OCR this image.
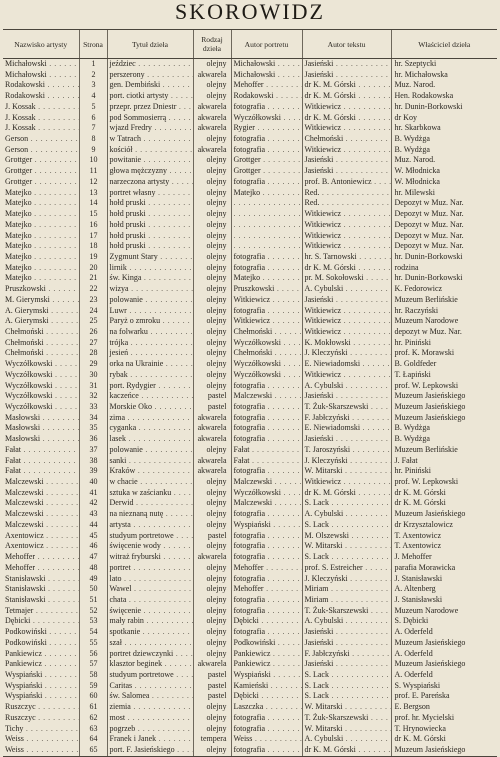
SKOROWIDZ
Nazwisko artysty	Strona	Tytuł dzieła	Rodzaj dzieła	Autor portretu	Autor tekstu	Właściciel dzieła
Michałowski . . .	1	jeździec . . .	olejny	Michałowski . . .	Jasieński . . .	hr. Szeptycki
Michałowski . . .	2	perszerony . . .	akwarela	Michałowski . . .	Jasieński . . .	hr. Michałowska
Rodakowski . . .	3	gen. Dembiński . . .	olejny	Mehoffer . . .	dr K. M. Górski . . .	Muz. Narod.
Rodakowski . . .	4	port. ciotki artysty . . .	olejny	Rodakowski . . .	dr K. M. Górski . . .	Hen. Rodakowska
J. Kossak . . .	5	przepr. przez Dniestr . . .	akwarela	fotografia . . .	Witkiewicz . . .	hr. Dunin-Borkowski
J. Kossak . . .	6	pod Sommosierrą . . .	akwarela	Wyczółkowski . . .	dr K. M. Górski . . .	dr Koy
J. Kossak . . .	7	wjazd Fredry . . .	akwarela	Rygier . . .	Witkiewicz . . .	hr. Skarbkowa
Gerson . . .	8	w Tatrach . . .	olejny	fotografia . . .	Chełmoński . . .	B. Wydżga
Gerson . . .	9	kościół . . .	akwarela	fotografia . . .	Witkiewicz . . .	B. Wydżga
Grottger . . .	10	powitanie . . .	olejny	Grottger . . .	Jasieński . . .	Muz. Narod.
Grottger . . .	11	głowa mężczyzny . . .	olejny	Grottger . . .	Jasieński . . .	W. Młodnicka
Grottger . . .	12	narzeczona artysty . . .	olejny	fotografia . . .	prof. B. Antoniewicz . . .	W. Młodnicka
Matejko . . .	13	portret własny . . .	olejny	Matejko . . .	Red. . . .	hr. Milewski
Matejko . . .	14	hołd pruski . . .	olejny	. . .	Red. . . .	Depozyt w Muz. Nar.
Matejko . . .	15	hołd pruski . . .	olejny	. . .	Witkiewicz . . .	Depozyt w Muz. Nar.
Matejko . . .	16	hołd pruski . . .	olejny	. . .	Witkiewicz . . .	Depozyt w Muz. Nar.
Matejko . . .	17	hołd pruski . . .	olejny	. . .	Witkiewicz . . .	Depozyt w Muz. Nar.
Matejko . . .	18	hołd pruski . . .	olejny	. . .	Witkiewicz . . .	Depozyt w Muz. Nar.
Matejko . . .	19	Zygmunt Stary . . .	olejny	fotografia . . .	hr. S. Tarnowski . . .	hr. Dunin-Borkowski
Matejko . . .	20	lirnik . . .	olejny	fotografia . . .	dr K. M. Górski . . .	rodzina
Matejko . . .	21	św. Kinga . . .	olejny	Matejko . . .	pr. M. Sokołowski . . .	hr. Dunin-Borkowski
Pruszkowski . . .	22	wizya . . .	olejny	Pruszkowski . . .	A. Cybulski . . .	K. Fedorowicz
M. Gierymski . . .	23	polowanie . . .	olejny	Witkiewicz . . .	Jasieński . . .	Muzeum Berlińskie
A. Gierymski . . .	24	Luwr . . .	olejny	fotografia . . .	Witkiewicz . . .	hr. Raczyński
A. Gierymski . . .	25	Paryż o zmroku . . .	olejny	Witkiewicz . . .	Witkiewicz . . .	Muzeum Narodowe
Chełmoński . . .	26	na folwarku . . .	olejny	Chełmoński . . .	Witkiewicz . . .	depozyt w Muz. Nar.
Chełmoński . . .	27	trójka . . .	olejny	Wyczółkowski . . .	K. Mokłowski . . .	hr. Piniński
Chełmoński . . .	28	jesień . . .	olejny	Chełmoński . . .	J. Kleczyński . . .	prof. K. Morawski
Wyczółkowski . . .	29	orka na Ukrainie . . .	olejny	Wyczółkowski . . .	E. Niewiadomski . . .	B. Goldfeder
Wyczółkowski . . .	30	rybak . . .	olejny	Wyczółkowski . . .	Witkiewicz . . .	T. Łapiński
Wyczółkowski . . .	31	port. Rydygier . . .	olejny	fotografia . . .	A. Cybulski . . .	prof. W. Lepkowski
Wyczółkowski . . .	32	kaczeńce . . .	pastel	Malczewski . . .	Jasieński . . .	Muzeum Jasieńskiego
Wyczółkowski . . .	33	Morskie Oko . . .	pastel	fotografia . . .	T. Żuk-Skarszewski . . .	Muzeum Jasieńskiego
Masłowski . . .	34	zima . . .	akwarela	fotografia . . .	F. Jabłczyński . . .	Muzeum Jasieńskiego
Masłowski . . .	35	cyganka . . .	akwarela	fotografia . . .	E. Niewiadomski . . .	B. Wydżga
Masłowski . . .	36	lasek . . .	akwarela	fotografia . . .	Jasieński . . .	B. Wydżga
Fałat . . .	37	polowanie . . .	olejny	Fałat . . .	T. Jaroszyński . . .	Muzeum Berlińskie
Fałat . . .	38	sanki . . .	akwarela	Fałat . . .	J. Kleczyński . . .	J. Fałat
Fałat . . .	39	Kraków . . .	akwarela	fotografia . . .	W. Mitarski . . .	hr. Piniński
Malczewski . . .	40	w chacie . . .	olejny	Malczewski . . .	Witkiewicz . . .	prof. W. Lepkowski
Malczewski . . .	41	sztuka w zaścianku . . .	olejny	Wyczółkowski . . .	dr K. M. Górski . . .	dr K. M. Górski
Malczewski . . .	42	Derwid . . .	olejny	Malczewski . . .	S. Lack . . .	dr K. M. Górski
Malczewski . . .	43	na nieznaną nutę . . .	olejny	fotografia . . .	A. Cybulski . . .	Muzeum Jasieńskiego
Malczewski . . .	44	artysta . . .	olejny	Wyspiański . . .	S. Lack . . .	dr Krzysztalowicz
Axentowicz . . .	45	studyum portretowe . . .	pastel	fotografia . . .	M. Olszewski . . .	T. Axentowicz
Axentowicz . . .	46	święcenie wody . . .	olejny	fotografia . . .	W. Mitarski . . .	T. Axentowicz
Mehoffer . . .	47	witraż fryburski . . .	akwarela	fotografia . . .	S. Lack . . .	J. Mehoffer
Mehoffer . . .	48	portret . . .	olejny	Mehoffer . . .	prof. S. Estreicher . . .	parafia Morawicka
Stanisławski . . .	49	lato . . .	olejny	fotografia . . .	J. Kleczyński . . .	J. Stanisławski
Stanisławski . . .	50	Wawel . . .	olejny	Mehoffer . . .	Miriam . . .	A. Altenberg
Stanisławski . . .	51	chata . . .	olejny	fotografia . . .	Miriam . . .	J. Stanisławski
Tetmajer . . .	52	święcenie . . .	olejny	fotografia . . .	T. Żuk-Skarszewski . . .	Muzeum Narodowe
Dębicki . . .	53	mały rabin . . .	olejny	Dębicki . . .	A. Cybulski . . .	S. Dębicki
Podkowiński . . .	54	spotkanie . . .	olejny	fotografia . . .	Jasieński . . .	A. Oderfeld
Podkowiński . . .	55	szał . . .	olejny	Podkowiński . . .	Jasieński . . .	Muzeum Jasieńskiego
Pankiewicz . . .	56	portret dziewczynki . . .	olejny	Pankiewicz . . .	F. Jabłczyński . . .	A. Oderfeld
Pankiewicz . . .	57	klasztor beginek . . .	akwarela	Pankiewicz . . .	Jasieński . . .	Muzeum Jasieńskiego
Wyspiański . . .	58	studyum portretowe . . .	pastel	Wyspiański . . .	S. Lack . . .	A. Oderfeld
Wyspiański . . .	59	Caritas . . .	pastel	Kamieński . . .	S. Lack . . .	S. Wyspiański
Wyspiański . . .	60	św. Salomea . . .	pastel	Dębicki . . .	S. Lack . . .	prof. E. Pareńska
Ruszczyc . . .	61	ziemia . . .	olejny	Laszczka . . .	W. Mitarski . . .	E. Bergson
Ruszczyc . . .	62	most . . .	olejny	fotografia . . .	T. Żuk-Skarszewski . . .	prof. hr. Mycielski
Tichy . . .	63	pogrzeb . . .	olejny	fotografia . . .	W. Mitarski . . .	T. Hrynowiecka
Weiss . . .	64	Franek i Janek . . .	tempera	Weiss . . .	A. Cybulski . . .	dr K. M. Górski
Weiss . . .	65	port. F. Jasieńskiego . . .	olejny	fotografia . . .	dr K. M. Górski . . .	Muzeum Jasieńskiego
